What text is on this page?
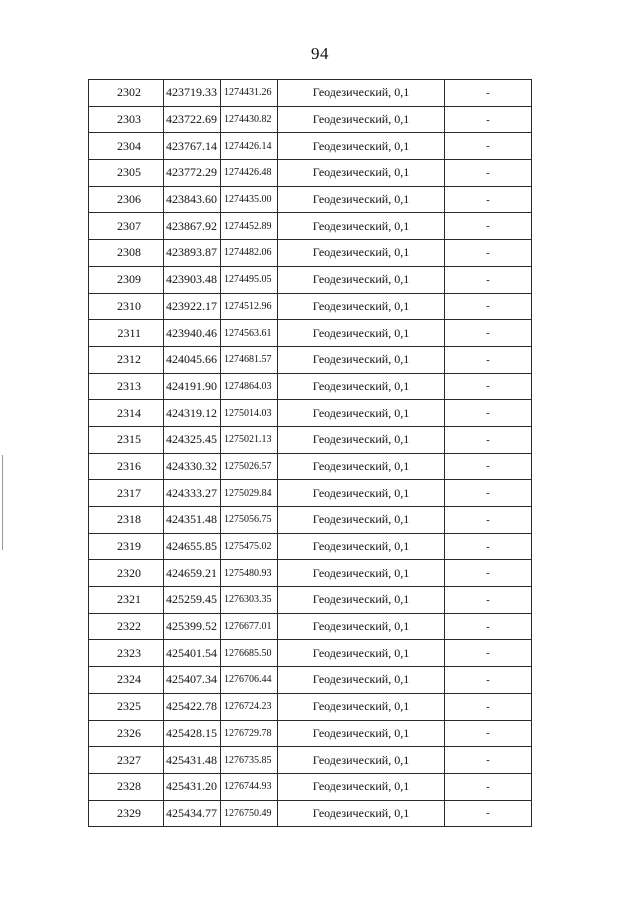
94
2302	423719.33	1274431.26	Геодезический, 0,1	-
2303	423722.69	1274430.82	Геодезический, 0,1	-
2304	423767.14	1274426.14	Геодезический, 0,1	-
2305	423772.29	1274426.48	Геодезический, 0,1	-
2306	423843.60	1274435.00	Геодезический, 0,1	-
2307	423867.92	1274452.89	Геодезический, 0,1	-
2308	423893.87	1274482.06	Геодезический, 0,1	-
2309	423903.48	1274495.05	Геодезический, 0,1	-
2310	423922.17	1274512.96	Геодезический, 0,1	-
2311	423940.46	1274563.61	Геодезический, 0,1	-
2312	424045.66	1274681.57	Геодезический, 0,1	-
2313	424191.90	1274864.03	Геодезический, 0,1	-
2314	424319.12	1275014.03	Геодезический, 0,1	-
2315	424325.45	1275021.13	Геодезический, 0,1	-
2316	424330.32	1275026.57	Геодезический, 0,1	-
2317	424333.27	1275029.84	Геодезический, 0,1	-
2318	424351.48	1275056.75	Геодезический, 0,1	-
2319	424655.85	1275475.02	Геодезический, 0,1	-
2320	424659.21	1275480.93	Геодезический, 0,1	-
2321	425259.45	1276303.35	Геодезический, 0,1	-
2322	425399.52	1276677.01	Геодезический, 0,1	-
2323	425401.54	1276685.50	Геодезический, 0,1	-
2324	425407.34	1276706.44	Геодезический, 0,1	-
2325	425422.78	1276724.23	Геодезический, 0,1	-
2326	425428.15	1276729.78	Геодезический, 0,1	-
2327	425431.48	1276735.85	Геодезический, 0,1	-
2328	425431.20	1276744.93	Геодезический, 0,1	-
2329	425434.77	1276750.49	Геодезический, 0,1	-
